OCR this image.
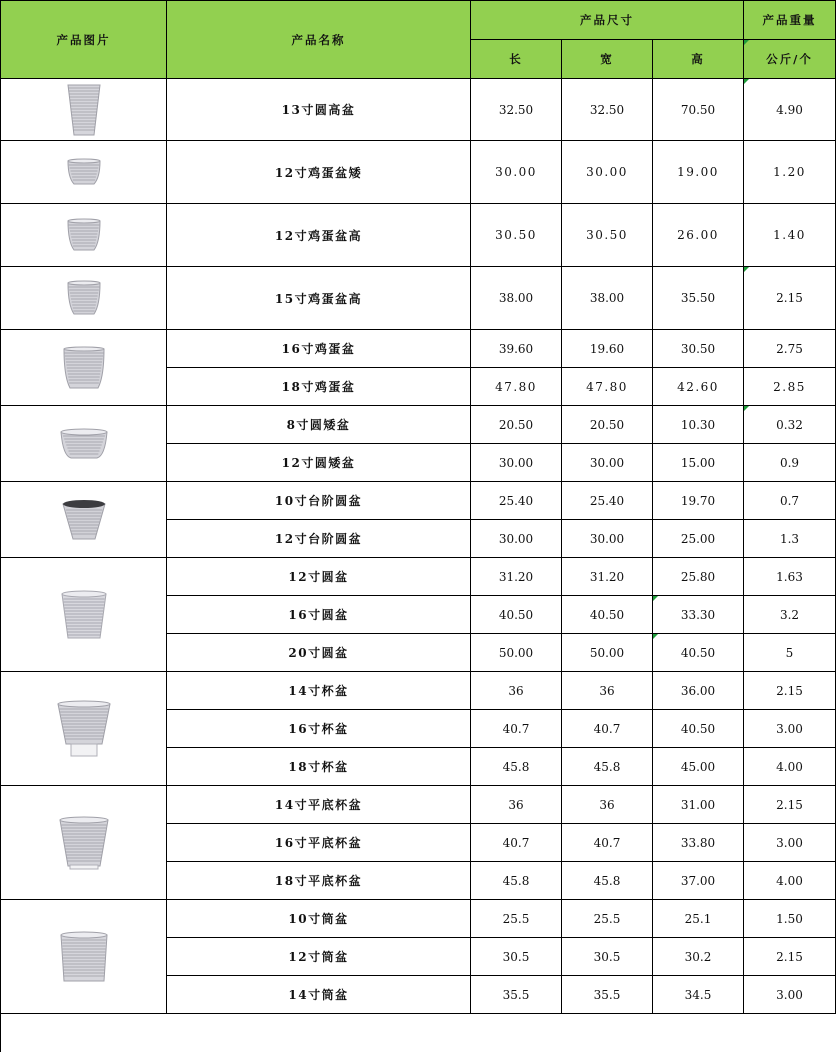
产品图片	产品名称
产品尺寸	产品重量
长	宽	高	公斤/个
13寸圆高盆	32.50	32.50	70.50	4.90
12寸鸡蛋盆矮	30.00	30.00	19.00	1.20
12寸鸡蛋盆高	30.50	30.50	26.00	1.40
15寸鸡蛋盆高	38.00	38.00	35.50	2.15
16寸鸡蛋盆	39.60	19.60	30.50	2.75
18寸鸡蛋盆	47.80	47.80	42.60	2.85
8寸圆矮盆	20.50	20.50	10.30	0.32
12寸圆矮盆	30.00	30.00	15.00	0.9
10寸台阶圆盆	25.40	25.40	19.70	0.7
12寸台阶圆盆	30.00	30.00	25.00	1.3
12寸圆盆	31.20	31.20	25.80	1.63
16寸圆盆	40.50	40.50	33.30	3.2
20寸圆盆	50.00	50.00	40.50	5
14寸杯盆	36	36	36.00	2.15
16寸杯盆	40.7	40.7	40.50	3.00
18寸杯盆	45.8	45.8	45.00	4.00
14寸平底杯盆	36	36	31.00	2.15
16寸平底杯盆	40.7	40.7	33.80	3.00
18寸平底杯盆	45.8	45.8	37.00	4.00
10寸筒盆	25.5	25.5	25.1	1.50
12寸筒盆	30.5	30.5	30.2	2.15
14寸筒盆	35.5	35.5	34.5	3.00
